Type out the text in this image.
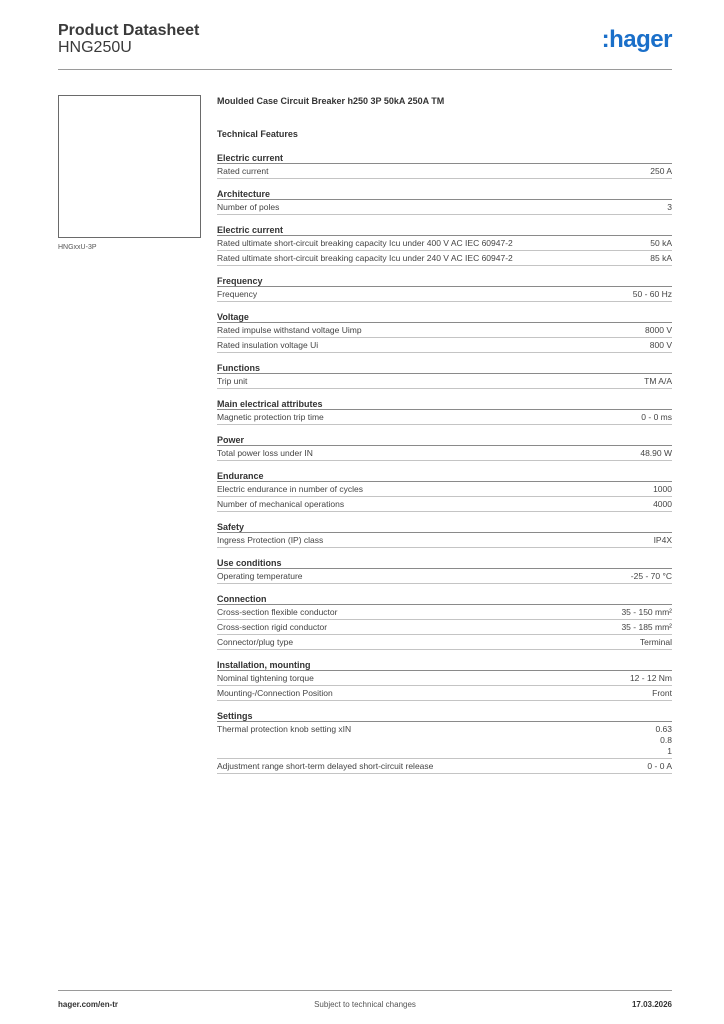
Product Datasheet
HNG250U	:hager
HNGxxU-3P
Moulded Case Circuit Breaker h250 3P 50kA 250A TM
Technical Features
Electric current
Rated current	250 A
Architecture
Number of poles	3
Electric current
Rated ultimate short-circuit breaking capacity Icu under 400 V AC IEC 60947-2	50 kA
Rated ultimate short-circuit breaking capacity Icu under 240 V AC IEC 60947-2	85 kA
Frequency
Frequency	50 - 60 Hz
Voltage
Rated impulse withstand voltage Uimp	8000 V
Rated insulation voltage Ui	800 V
Functions
Trip unit	TM A/A
Main electrical attributes
Magnetic protection trip time	0 - 0 ms
Power
Total power loss under IN	48.90 W
Endurance
Electric endurance in number of cycles	1000
Number of mechanical operations	4000
Safety
Ingress Protection (IP) class	IP4X
Use conditions
Operating temperature	-25 - 70 °C
Connection
Cross-section flexible conductor	35 - 150 mm²
Cross-section rigid conductor	35 - 185 mm²
Connector/plug type	Terminal
Installation, mounting
Nominal tightening torque	12 - 12 Nm
Mounting-/Connection Position	Front
Settings
Thermal protection knob setting xIN	0.63
0.8
1
Adjustment range short-term delayed short-circuit release	0 - 0 A
hager.com/en-tr	Subject to technical changes	17.03.2026
